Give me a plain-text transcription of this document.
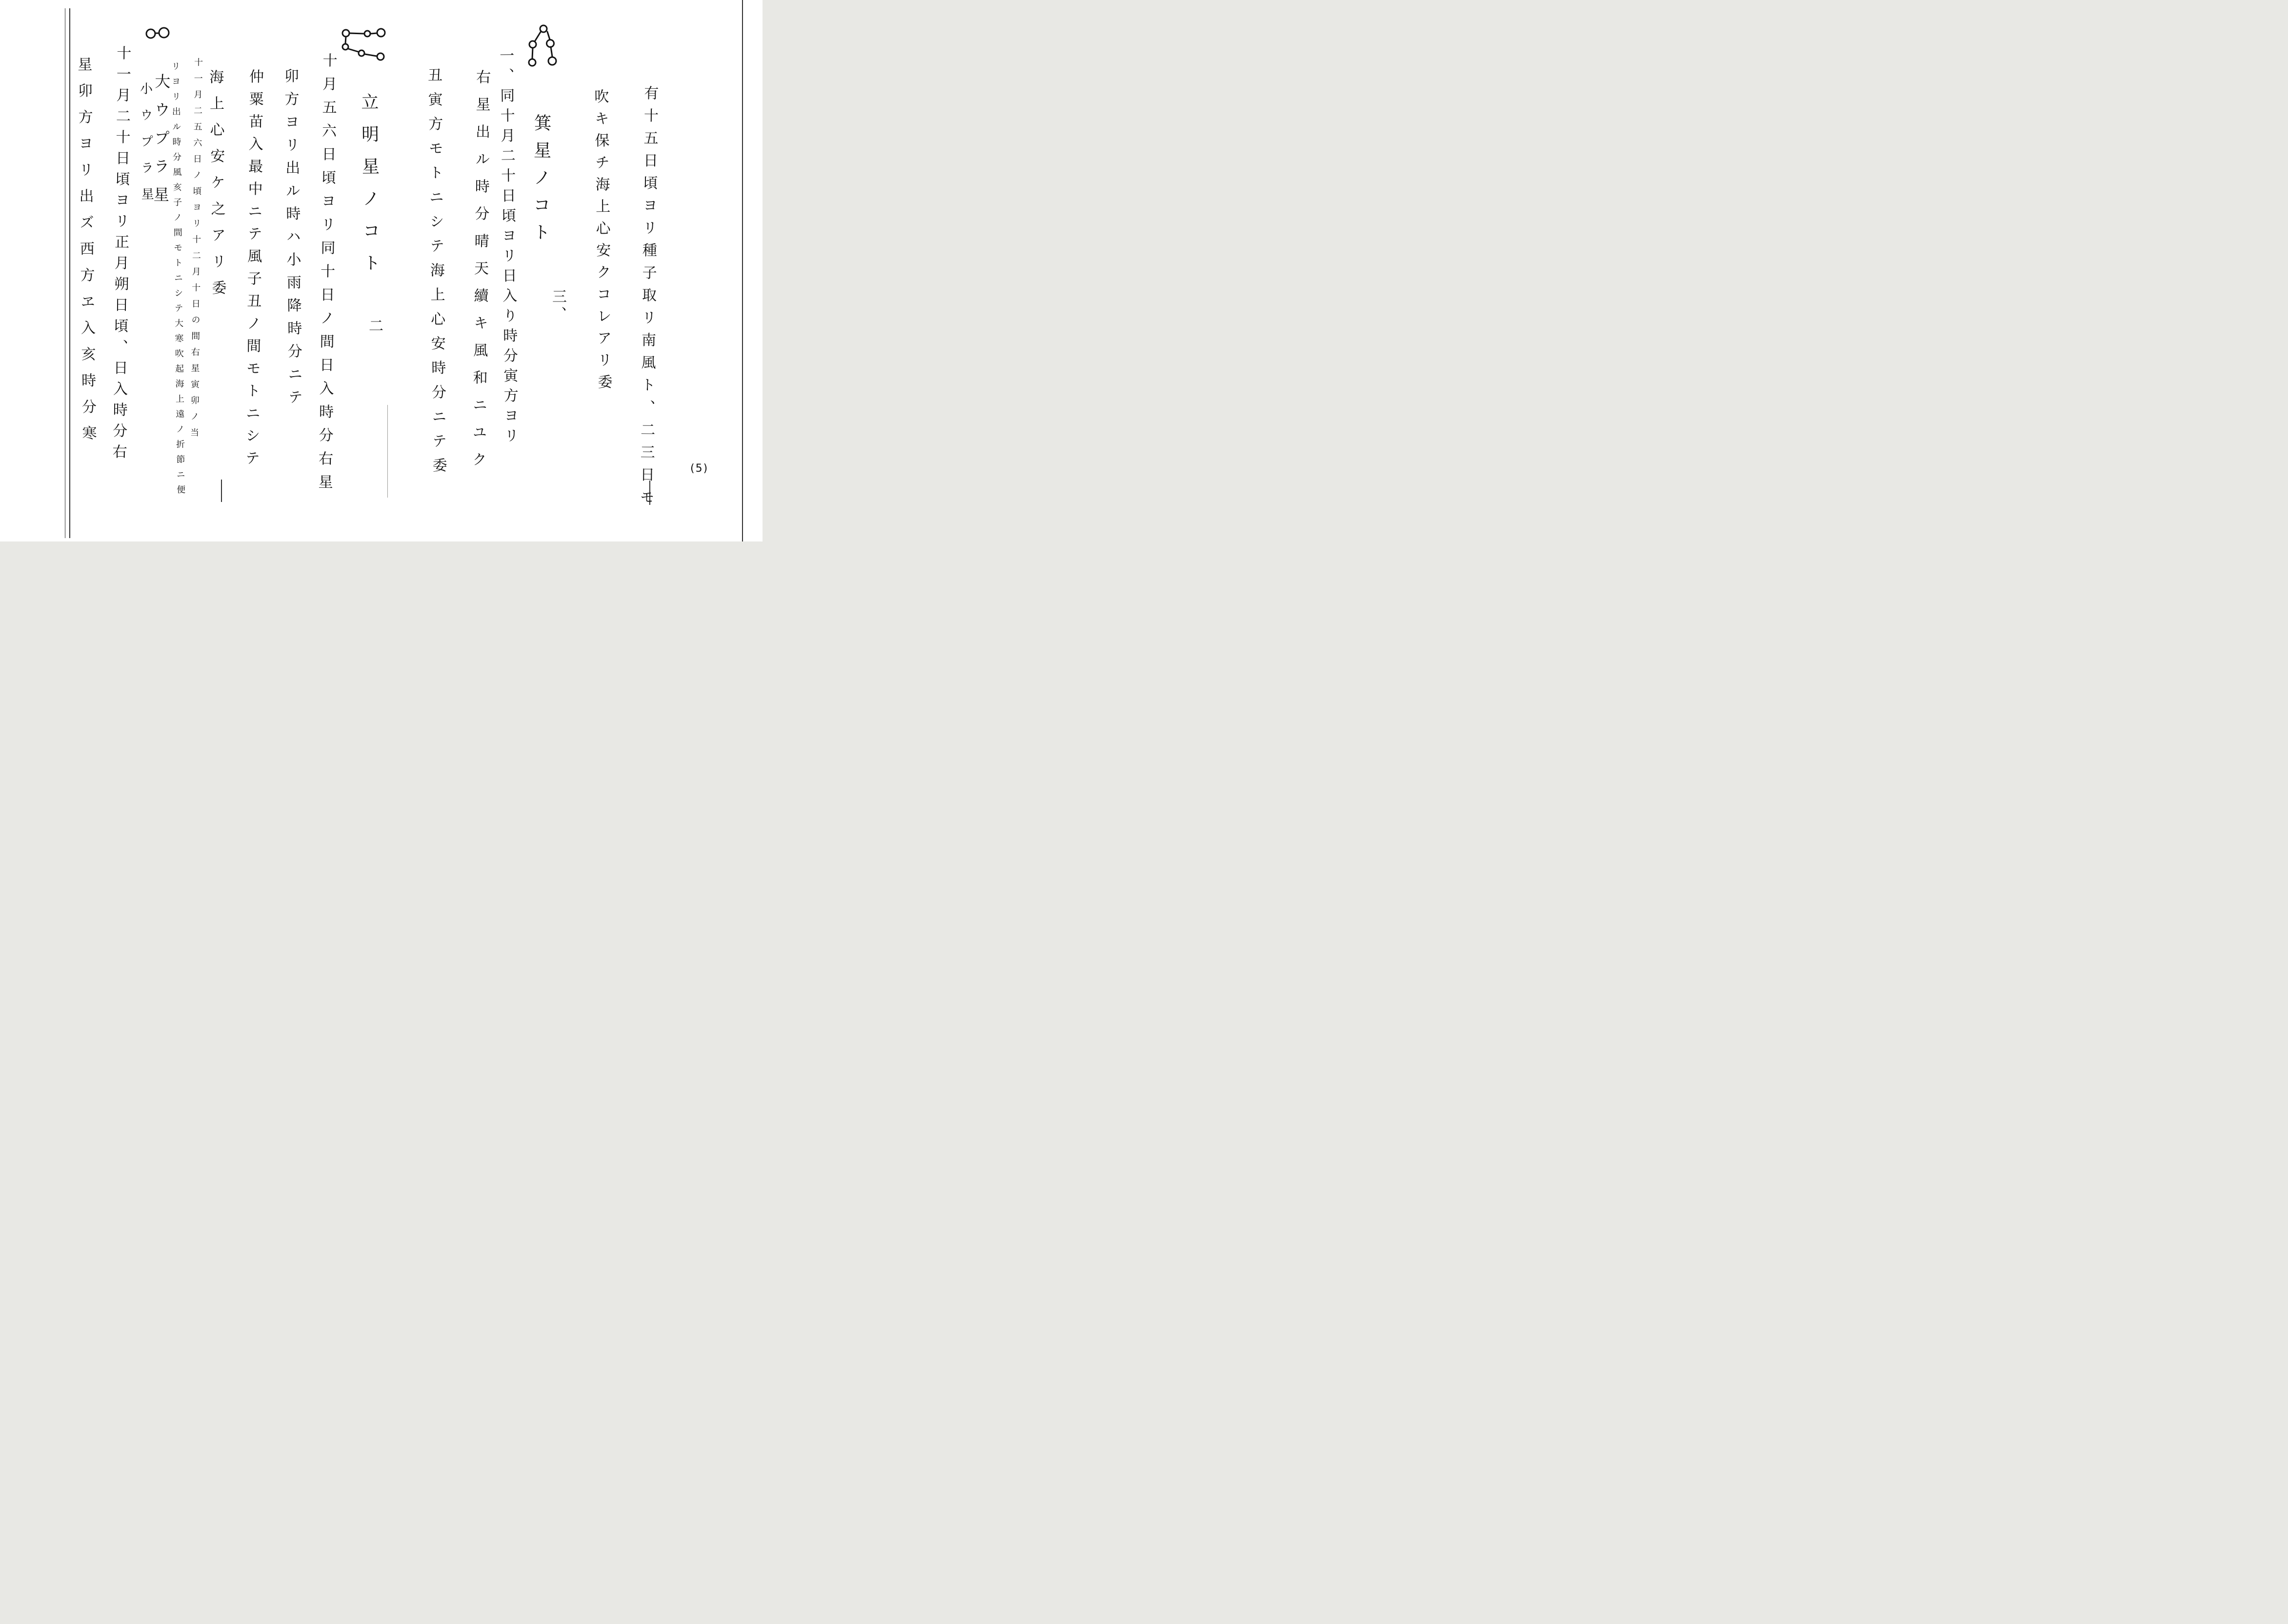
有十五日頃ヨリ種子取リ南風ト、二三日モ
吹キ保チ海上心安クコレアリ委
箕星ノコト
三、
一、同十月二十日頃ヨリ日入り時分寅方ヨリ
右星出ル時分晴天續キ風和ニユク
丑寅方モトニシテ海上心安時分ニテ委
立明星ノコト
二
十月五六日頃ヨリ同十日ノ間日入時分右星
卯方ヨリ出ル時ハ小雨降時分ニテ
仲粟苗入最中ニテ風子丑ノ間モトニシテ
海上心安ケ之アリ委
十一月二五六日ノ頃ヨリ十二月十日の間右星寅卯ノ当
リヨリ出ル時分風亥子ノ間モトニシテ大寒吹起海上遠ノ折節ニ便
大ウプラ星
小ウプラ星
十一月二十日頃ヨリ正月朔日頃、日入時分右
星卯方ヨリ出ズ西方ヱ入亥時分寒
(5)
